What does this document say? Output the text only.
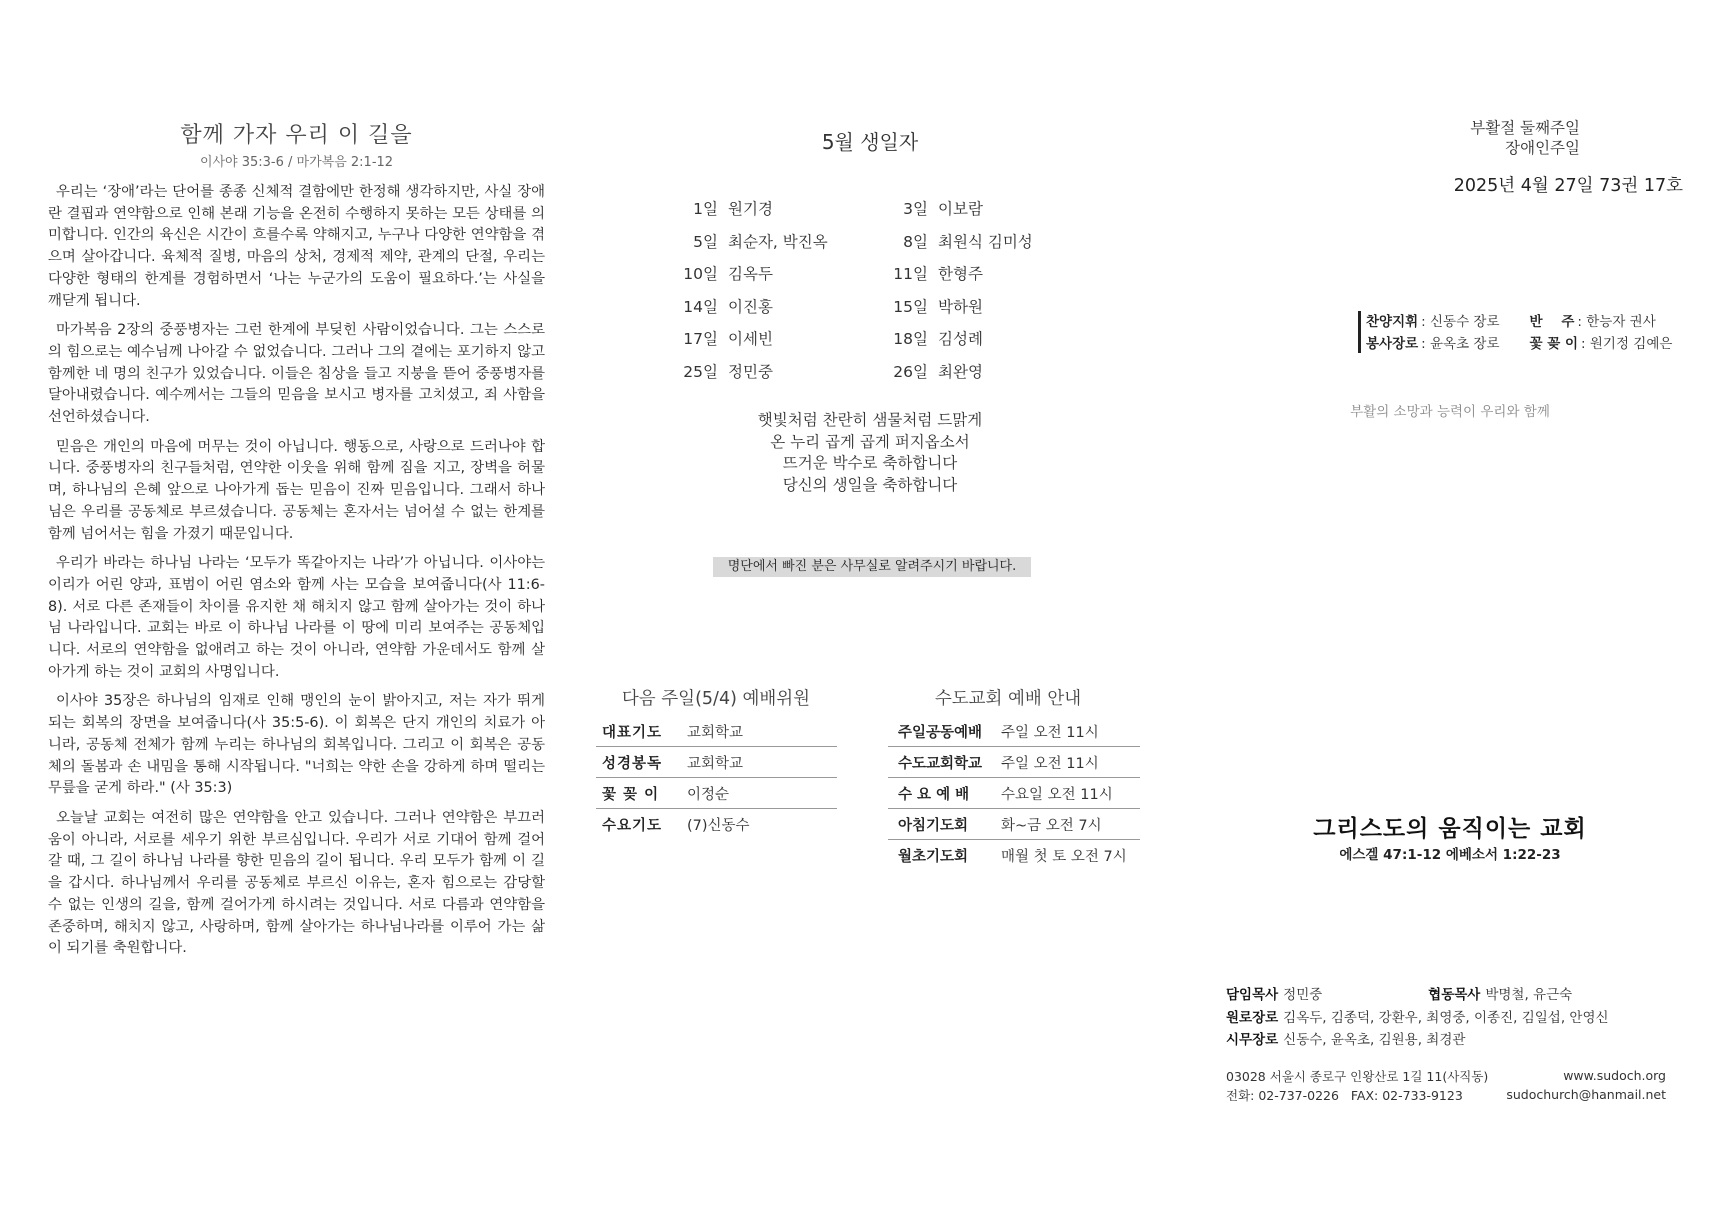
함께 가자 우리 이 길을
이사야 35:3-6 / 마가복음 2:1-12

우리는 ‘장애’라는 단어를 종종 신체적 결함에만 한정해 생각하지만, 사실 장애란 결핍과 연약함으로 인해 본래 기능을 온전히 수행하지 못하는 모든 상태를 의미합니다. 인간의 육신은 시간이 흐를수록 약해지고, 누구나 다양한 연약함을 겪으며 살아갑니다. 육체적 질병, 마음의 상처, 경제적 제약, 관계의 단절, 우리는 다양한 형태의 한계를 경험하면서 ‘나는 누군가의 도움이 필요하다.’는 사실을 깨닫게 됩니다.

마가복음 2장의 중풍병자는 그런 한계에 부딪힌 사람이었습니다. 그는 스스로의 힘으로는 예수님께 나아갈 수 없었습니다. 그러나 그의 곁에는 포기하지 않고 함께한 네 명의 친구가 있었습니다. 이들은 침상을 들고 지붕을 뜯어 중풍병자를 달아내렸습니다. 예수께서는 그들의 믿음을 보시고 병자를 고치셨고, 죄 사함을 선언하셨습니다.

믿음은 개인의 마음에 머무는 것이 아닙니다. 행동으로, 사랑으로 드러나야 합니다. 중풍병자의 친구들처럼, 연약한 이웃을 위해 함께 짐을 지고, 장벽을 허물며, 하나님의 은혜 앞으로 나아가게 돕는 믿음이 진짜 믿음입니다. 그래서 하나님은 우리를 공동체로 부르셨습니다. 공동체는 혼자서는 넘어설 수 없는 한계를 함께 넘어서는 힘을 가졌기 때문입니다.

우리가 바라는 하나님 나라는 ‘모두가 똑같아지는 나라’가 아닙니다. 이사야는 이리가 어린 양과, 표범이 어린 염소와 함께 사는 모습을 보여줍니다(사 11:6-8). 서로 다른 존재들이 차이를 유지한 채 해치지 않고 함께 살아가는 것이 하나님 나라입니다. 교회는 바로 이 하나님 나라를 이 땅에 미리 보여주는 공동체입니다. 서로의 연약함을 없애려고 하는 것이 아니라, 연약함 가운데서도 함께 살아가게 하는 것이 교회의 사명입니다.

이사야 35장은 하나님의 임재로 인해 맹인의 눈이 밝아지고, 저는 자가 뛰게 되는 회복의 장면을 보여줍니다(사 35:5-6). 이 회복은 단지 개인의 치료가 아니라, 공동체 전체가 함께 누리는 하나님의 회복입니다. 그리고 이 회복은 공동체의 돌봄과 손 내밈을 통해 시작됩니다. "너희는 약한 손을 강하게 하며 떨리는 무릎을 굳게 하라." (사 35:3)

오늘날 교회는 여전히 많은 연약함을 안고 있습니다. 그러나 연약함은 부끄러움이 아니라, 서로를 세우기 위한 부르심입니다. 우리가 서로 기대어 함께 걸어갈 때, 그 길이 하나님 나라를 향한 믿음의 길이 됩니다. 우리 모두가 함께 이 길을 갑시다. 하나님께서 우리를 공동체로 부르신 이유는, 혼자 힘으로는 감당할 수 없는 인생의 길을, 함께 걸어가게 하시려는 것입니다. 서로 다름과 연약함을 존중하며, 해치지 않고, 사랑하며, 함께 살아가는 하나님나라를 이루어 가는 삶이 되기를 축원합니다.

5월 생일자
1일 원기경	3일 이보람
5일 최순자, 박진옥	8일 최원식 김미성
10일 김옥두	11일 한형주
14일 이진홍	15일 박하원
17일 이세빈	18일 김성례
25일 정민중	26일 최완영
햇빛처럼 찬란히 샘물처럼 드맑게
온 누리 곱게 곱게 퍼지옵소서
뜨거운 박수로 축하합니다
당신의 생일을 축하합니다
명단에서 빠진 분은 사무실로 알려주시기 바랍니다.
다음 주일(5/4) 예배위원
대표기도	교회학교
성경봉독	교회학교
꽃 꽂 이	이정순
수요기도	(7)신동수
수도교회 예배 안내
주일공동예배	주일 오전 11시
수도교회학교	주일 오전 11시
수 요 예 배	수요일 오전 11시
아침기도회	화~금 오전 7시
월초기도회	매월 첫 토 오전 7시
부활절 둘째주일
장애인주일
2025년 4월 27일 73권 17호
찬양지휘 : 신동수 장로 반    주 : 한능자 권사
봉사장로 : 윤옥초 장로 꽃 꽂 이 : 원기정 김예은
부활의 소망과 능력이 우리와 함께
그리스도의 움직이는 교회
에스겔 47:1-12 에베소서 1:22-23
담임목사 정민중	협동목사 박명철, 유근숙
원로장로 김옥두, 김종덕, 강환우, 최영중, 이종진, 김일섭, 안영신
시무장로 신동수, 윤옥초, 김원용, 최경관
03028 서울시 종로구 인왕산로 1길 11(사직동)	www.sudoch.org
전화: 02-737-0226   FAX: 02-733-9123	sudochurch@hanmail.net
